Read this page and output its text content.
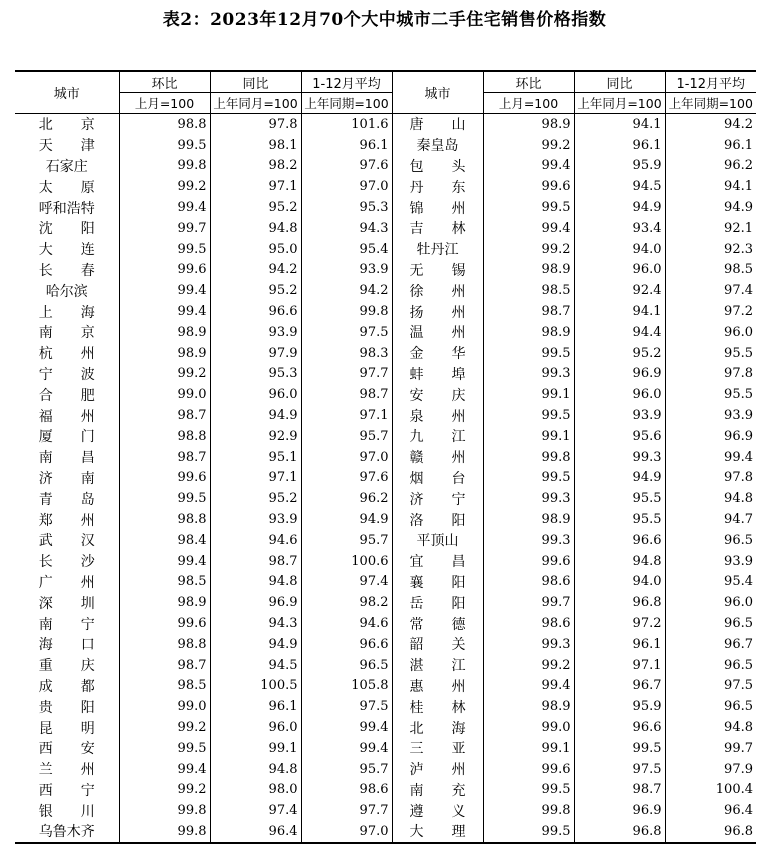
表2：2023年12月70个大中城市二手住宅销售价格指数
城市	环比	同比	1-12月平均	城市	环比	同比	1-12月平均
	上月=100	上年同月=100	上年同期=100		上月=100	上年同月=100	上年同期=100
北　　京	98.8	97.8	101.6	唐　　山	98.9	94.1	94.2
天　　津	99.5	98.1	96.1	秦皇岛	99.2	96.1	96.1
石家庄	99.8	98.2	97.6	包　　头	99.4	95.9	96.2
太　　原	99.2	97.1	97.0	丹　　东	99.6	94.5	94.1
呼和浩特	99.4	95.2	95.3	锦　　州	99.5	94.9	94.9
沈　　阳	99.7	94.8	94.3	吉　　林	99.4	93.4	92.1
大　　连	99.5	95.0	95.4	牡丹江	99.2	94.0	92.3
长　　春	99.6	94.2	93.9	无　　锡	98.9	96.0	98.5
哈尔滨	99.4	95.2	94.2	徐　　州	98.5	92.4	97.4
上　　海	99.4	96.6	99.8	扬　　州	98.7	94.1	97.2
南　　京	98.9	93.9	97.5	温　　州	98.9	94.4	96.0
杭　　州	98.9	97.9	98.3	金　　华	99.5	95.2	95.5
宁　　波	99.2	95.3	97.7	蚌　　埠	99.3	96.9	97.8
合　　肥	99.0	96.0	98.7	安　　庆	99.1	96.0	95.5
福　　州	98.7	94.9	97.1	泉　　州	99.5	93.9	93.9
厦　　门	98.8	92.9	95.7	九　　江	99.1	95.6	96.9
南　　昌	98.7	95.1	97.0	赣　　州	99.8	99.3	99.4
济　　南	99.6	97.1	97.6	烟　　台	99.5	94.9	97.8
青　　岛	99.5	95.2	96.2	济　　宁	99.3	95.5	94.8
郑　　州	98.8	93.9	94.9	洛　　阳	98.9	95.5	94.7
武　　汉	98.4	94.6	95.7	平顶山	99.3	96.6	96.5
长　　沙	99.4	98.7	100.6	宜　　昌	99.6	94.8	93.9
广　　州	98.5	94.8	97.4	襄　　阳	98.6	94.0	95.4
深　　圳	98.9	96.9	98.2	岳　　阳	99.7	96.8	96.0
南　　宁	99.6	94.3	94.6	常　　德	98.6	97.2	96.5
海　　口	98.8	94.9	96.6	韶　　关	99.3	96.1	96.7
重　　庆	98.7	94.5	96.5	湛　　江	99.2	97.1	96.5
成　　都	98.5	100.5	105.8	惠　　州	99.4	96.7	97.5
贵　　阳	99.0	96.1	97.5	桂　　林	98.9	95.9	96.5
昆　　明	99.2	96.0	99.4	北　　海	99.0	96.6	94.8
西　　安	99.5	99.1	99.4	三　　亚	99.1	99.5	99.7
兰　　州	99.4	94.8	95.7	泸　　州	99.6	97.5	97.9
西　　宁	99.2	98.0	98.6	南　　充	99.5	98.7	100.4
银　　川	99.8	97.4	97.7	遵　　义	99.8	96.9	96.4
乌鲁木齐	99.8	96.4	97.0	大　　理	99.5	96.8	96.8
